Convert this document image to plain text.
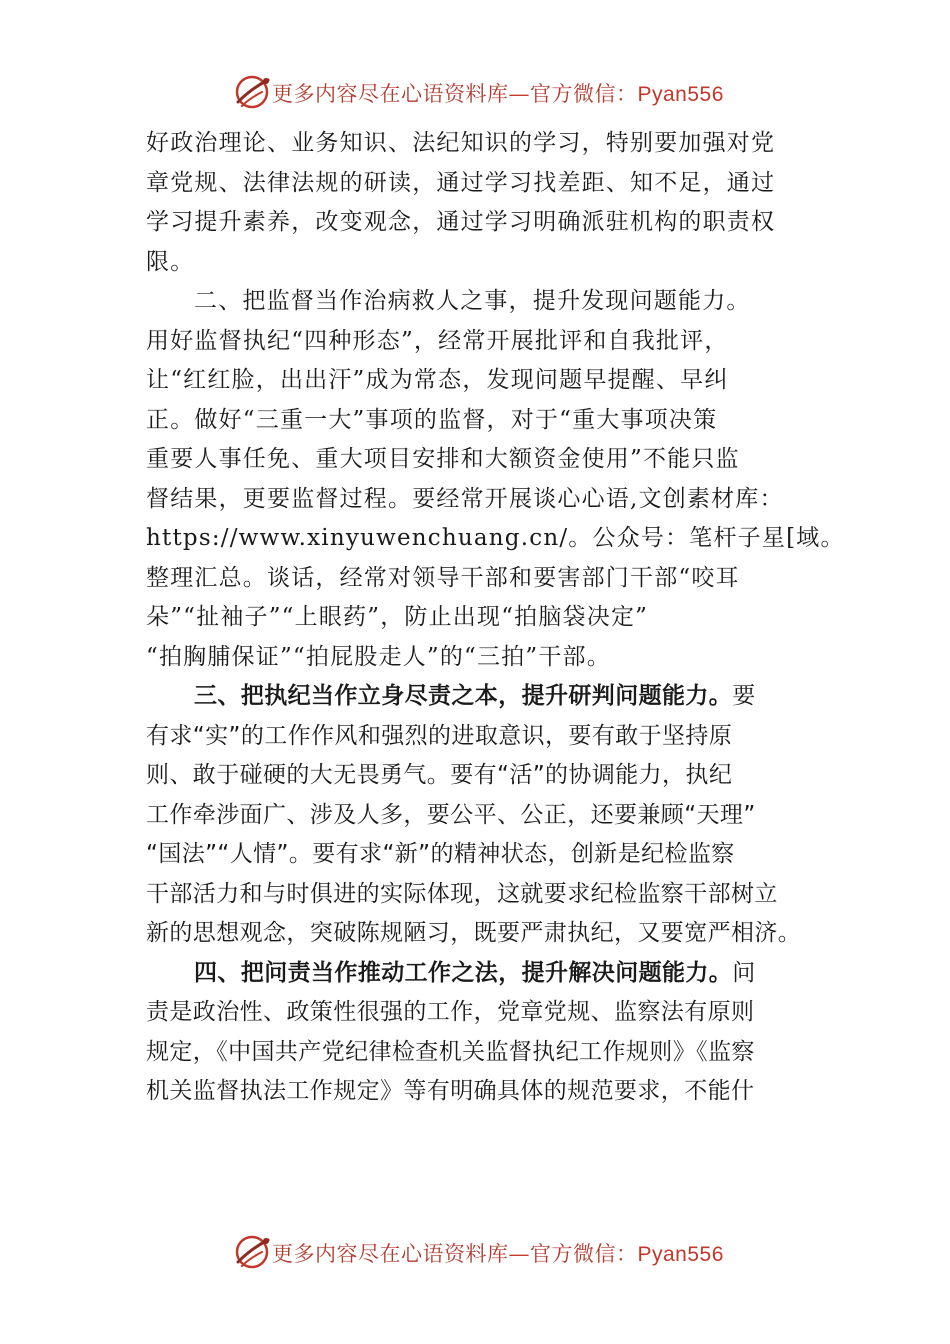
更多内容尽在心语资料库—官方微信：Pyan556
好政治理论、业务知识、法纪知识的学习，特别要加强对党
章党规、法律法规的研读，通过学习找差距、知不足，通过
学习提升素养，改变观念，通过学习明确派驻机构的职责权
限。
二、把监督当作治病救人之事，提升发现问题能力。
用好监督执纪“四种形态”，经常开展批评和自我批评，
让“红红脸，出出汗”成为常态，发现问题早提醒、早纠
正。做好“三重一大”事项的监督，对于“重大事项决策
重要人事任免、重大项目安排和大额资金使用”不能只监
督结果，更要监督过程。要经常开展谈心心语,文创素材库：
https://www.xinyuwenchuang.cn/。公众号：笔杆子星[域。
整理汇总。谈话，经常对领导干部和要害部门干部“咬耳
朵”“扯袖子”“上眼药”，防止出现“拍脑袋决定”
“拍胸脯保证”“拍屁股走人”的“三拍”干部。
三、把执纪当作立身尽责之本，提升研判问题能力。要
有求“实”的工作作风和强烈的进取意识，要有敢于坚持原
则、敢于碰硬的大无畏勇气。要有“活”的协调能力，执纪
工作牵涉面广、涉及人多，要公平、公正，还要兼顾“天理”
“国法”“人情”。要有求“新”的精神状态，创新是纪检监察
干部活力和与时俱进的实际体现，这就要求纪检监察干部树立
新的思想观念，突破陈规陋习，既要严肃执纪，又要宽严相济。
四、把问责当作推动工作之法，提升解决问题能力。问
责是政治性、政策性很强的工作，党章党规、监察法有原则
规定，《中国共产党纪律检查机关监督执纪工作规则》《监察
机关监督执法工作规定》等有明确具体的规范要求，不能什
更多内容尽在心语资料库—官方微信：Pyan556
